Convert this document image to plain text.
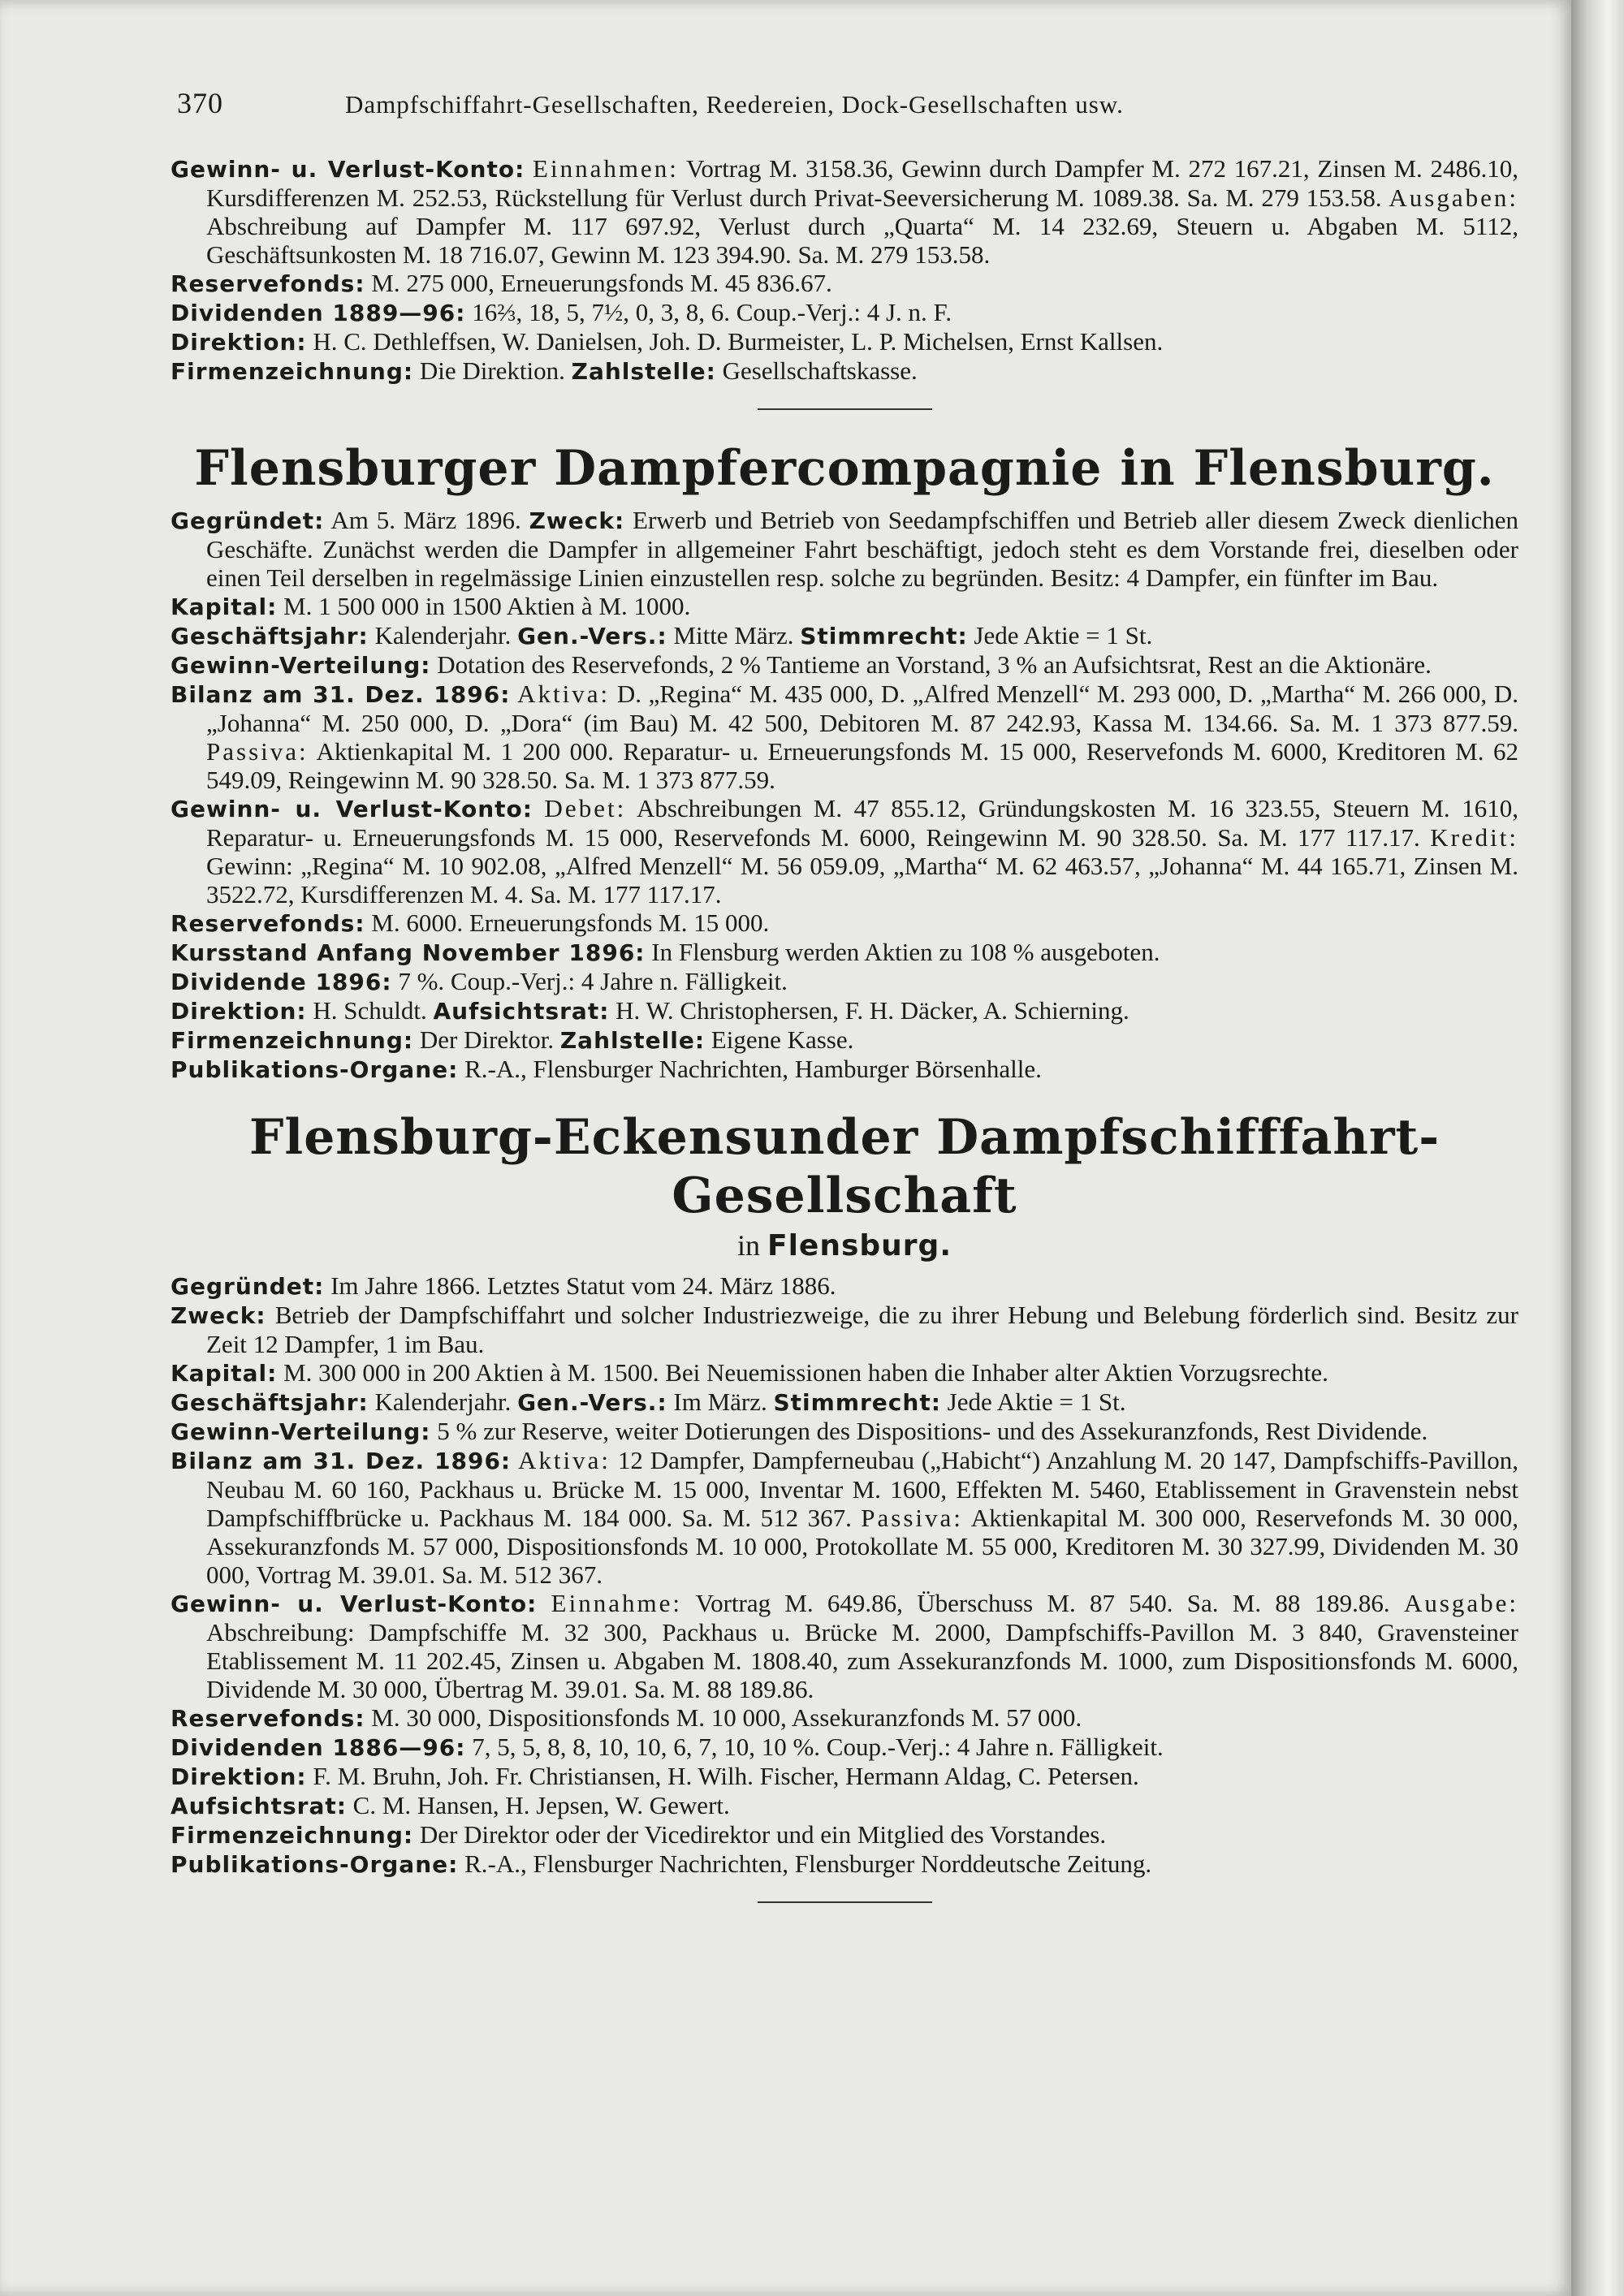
370	Dampfschiffahrt-Gesellschaften, Reedereien, Dock-Gesellschaften usw.

Gewinn- u. Verlust-Konto: Einnahmen: Vortrag M. 3158.36, Gewinn durch Dampfer M. 272 167.21, Zinsen M. 2486.10, Kursdifferenzen M. 252.53, Rückstellung für Verlust durch Privat-Seeversicherung M. 1089.38. Sa. M. 279 153.58. Ausgaben: Abschreibung auf Dampfer M. 117 697.92, Verlust durch „Quarta“ M. 14 232.69, Steuern u. Abgaben M. 5112, Geschäftsunkosten M. 18 716.07, Gewinn M. 123 394.90. Sa. M. 279 153.58.

Reservefonds: M. 275 000, Erneuerungsfonds M. 45 836.67.

Dividenden 1889—96: 16⅔, 18, 5, 7½, 0, 3, 8, 6. Coup.-Verj.: 4 J. n. F.

Direktion: H. C. Dethleffsen, W. Danielsen, Joh. D. Burmeister, L. P. Michelsen, Ernst Kallsen.

Firmenzeichnung: Die Direktion. Zahlstelle: Gesellschaftskasse.

Flensburger Dampfercompagnie in Flensburg.

Gegründet: Am 5. März 1896. Zweck: Erwerb und Betrieb von Seedampfschiffen und Betrieb aller diesem Zweck dienlichen Geschäfte. Zunächst werden die Dampfer in allgemeiner Fahrt beschäftigt, jedoch steht es dem Vorstande frei, dieselben oder einen Teil derselben in regelmässige Linien einzustellen resp. solche zu begründen. Besitz: 4 Dampfer, ein fünfter im Bau.

Kapital: M. 1 500 000 in 1500 Aktien à M. 1000.

Geschäftsjahr: Kalenderjahr. Gen.-Vers.: Mitte März. Stimmrecht: Jede Aktie = 1 St.

Gewinn-Verteilung: Dotation des Reservefonds, 2 % Tantieme an Vorstand, 3 % an Aufsichtsrat, Rest an die Aktionäre.

Bilanz am 31. Dez. 1896: Aktiva: D. „Regina“ M. 435 000, D. „Alfred Menzell“ M. 293 000, D. „Martha“ M. 266 000, D. „Johanna“ M. 250 000, D. „Dora“ (im Bau) M. 42 500, Debitoren M. 87 242.93, Kassa M. 134.66. Sa. M. 1 373 877.59. Passiva: Aktienkapital M. 1 200 000. Reparatur- u. Erneuerungsfonds M. 15 000, Reservefonds M. 6000, Kreditoren M. 62 549.09, Reingewinn M. 90 328.50. Sa. M. 1 373 877.59.

Gewinn- u. Verlust-Konto: Debet: Abschreibungen M. 47 855.12, Gründungskosten M. 16 323.55, Steuern M. 1610, Reparatur- u. Erneuerungsfonds M. 15 000, Reservefonds M. 6000, Reingewinn M. 90 328.50. Sa. M. 177 117.17. Kredit: Gewinn: „Regina“ M. 10 902.08, „Alfred Menzell“ M. 56 059.09, „Martha“ M. 62 463.57, „Johanna“ M. 44 165.71, Zinsen M. 3522.72, Kursdifferenzen M. 4. Sa. M. 177 117.17.

Reservefonds: M. 6000. Erneuerungsfonds M. 15 000.

Kursstand Anfang November 1896: In Flensburg werden Aktien zu 108 % ausgeboten.

Dividende 1896: 7 %. Coup.-Verj.: 4 Jahre n. Fälligkeit.

Direktion: H. Schuldt. Aufsichtsrat: H. W. Christophersen, F. H. Däcker, A. Schierning.

Firmenzeichnung: Der Direktor. Zahlstelle: Eigene Kasse.

Publikations-Organe: R.-A., Flensburger Nachrichten, Hamburger Börsenhalle.

Flensburg-Eckensunder Dampfschifffahrt-Gesellschaft
in Flensburg.

Gegründet: Im Jahre 1866. Letztes Statut vom 24. März 1886.

Zweck: Betrieb der Dampfschiffahrt und solcher Industriezweige, die zu ihrer Hebung und Belebung förderlich sind. Besitz zur Zeit 12 Dampfer, 1 im Bau.

Kapital: M. 300 000 in 200 Aktien à M. 1500. Bei Neuemissionen haben die Inhaber alter Aktien Vorzugsrechte.

Geschäftsjahr: Kalenderjahr. Gen.-Vers.: Im März. Stimmrecht: Jede Aktie = 1 St.

Gewinn-Verteilung: 5 % zur Reserve, weiter Dotierungen des Dispositions- und des Assekuranzfonds, Rest Dividende.

Bilanz am 31. Dez. 1896: Aktiva: 12 Dampfer, Dampferneubau („Habicht“) Anzahlung M. 20 147, Dampfschiffs-Pavillon, Neubau M. 60 160, Packhaus u. Brücke M. 15 000, Inventar M. 1600, Effekten M. 5460, Etablissement in Gravenstein nebst Dampfschiffbrücke u. Packhaus M. 184 000. Sa. M. 512 367. Passiva: Aktienkapital M. 300 000, Reservefonds M. 30 000, Assekuranzfonds M. 57 000, Dispositionsfonds M. 10 000, Protokollate M. 55 000, Kreditoren M. 30 327.99, Dividenden M. 30 000, Vortrag M. 39.01. Sa. M. 512 367.

Gewinn- u. Verlust-Konto: Einnahme: Vortrag M. 649.86, Überschuss M. 87 540. Sa. M. 88 189.86. Ausgabe: Abschreibung: Dampfschiffe M. 32 300, Packhaus u. Brücke M. 2000, Dampfschiffs-Pavillon M. 3 840, Gravensteiner Etablissement M. 11 202.45, Zinsen u. Abgaben M. 1808.40, zum Assekuranzfonds M. 1000, zum Dispositionsfonds M. 6000, Dividende M. 30 000, Übertrag M. 39.01. Sa. M. 88 189.86.

Reservefonds: M. 30 000, Dispositionsfonds M. 10 000, Assekuranzfonds M. 57 000.

Dividenden 1886—96: 7, 5, 5, 8, 8, 10, 10, 6, 7, 10, 10 %. Coup.-Verj.: 4 Jahre n. Fälligkeit.

Direktion: F. M. Bruhn, Joh. Fr. Christiansen, H. Wilh. Fischer, Hermann Aldag, C. Petersen.

Aufsichtsrat: C. M. Hansen, H. Jepsen, W. Gewert.

Firmenzeichnung: Der Direktor oder der Vicedirektor und ein Mitglied des Vorstandes.

Publikations-Organe: R.-A., Flensburger Nachrichten, Flensburger Norddeutsche Zeitung.
